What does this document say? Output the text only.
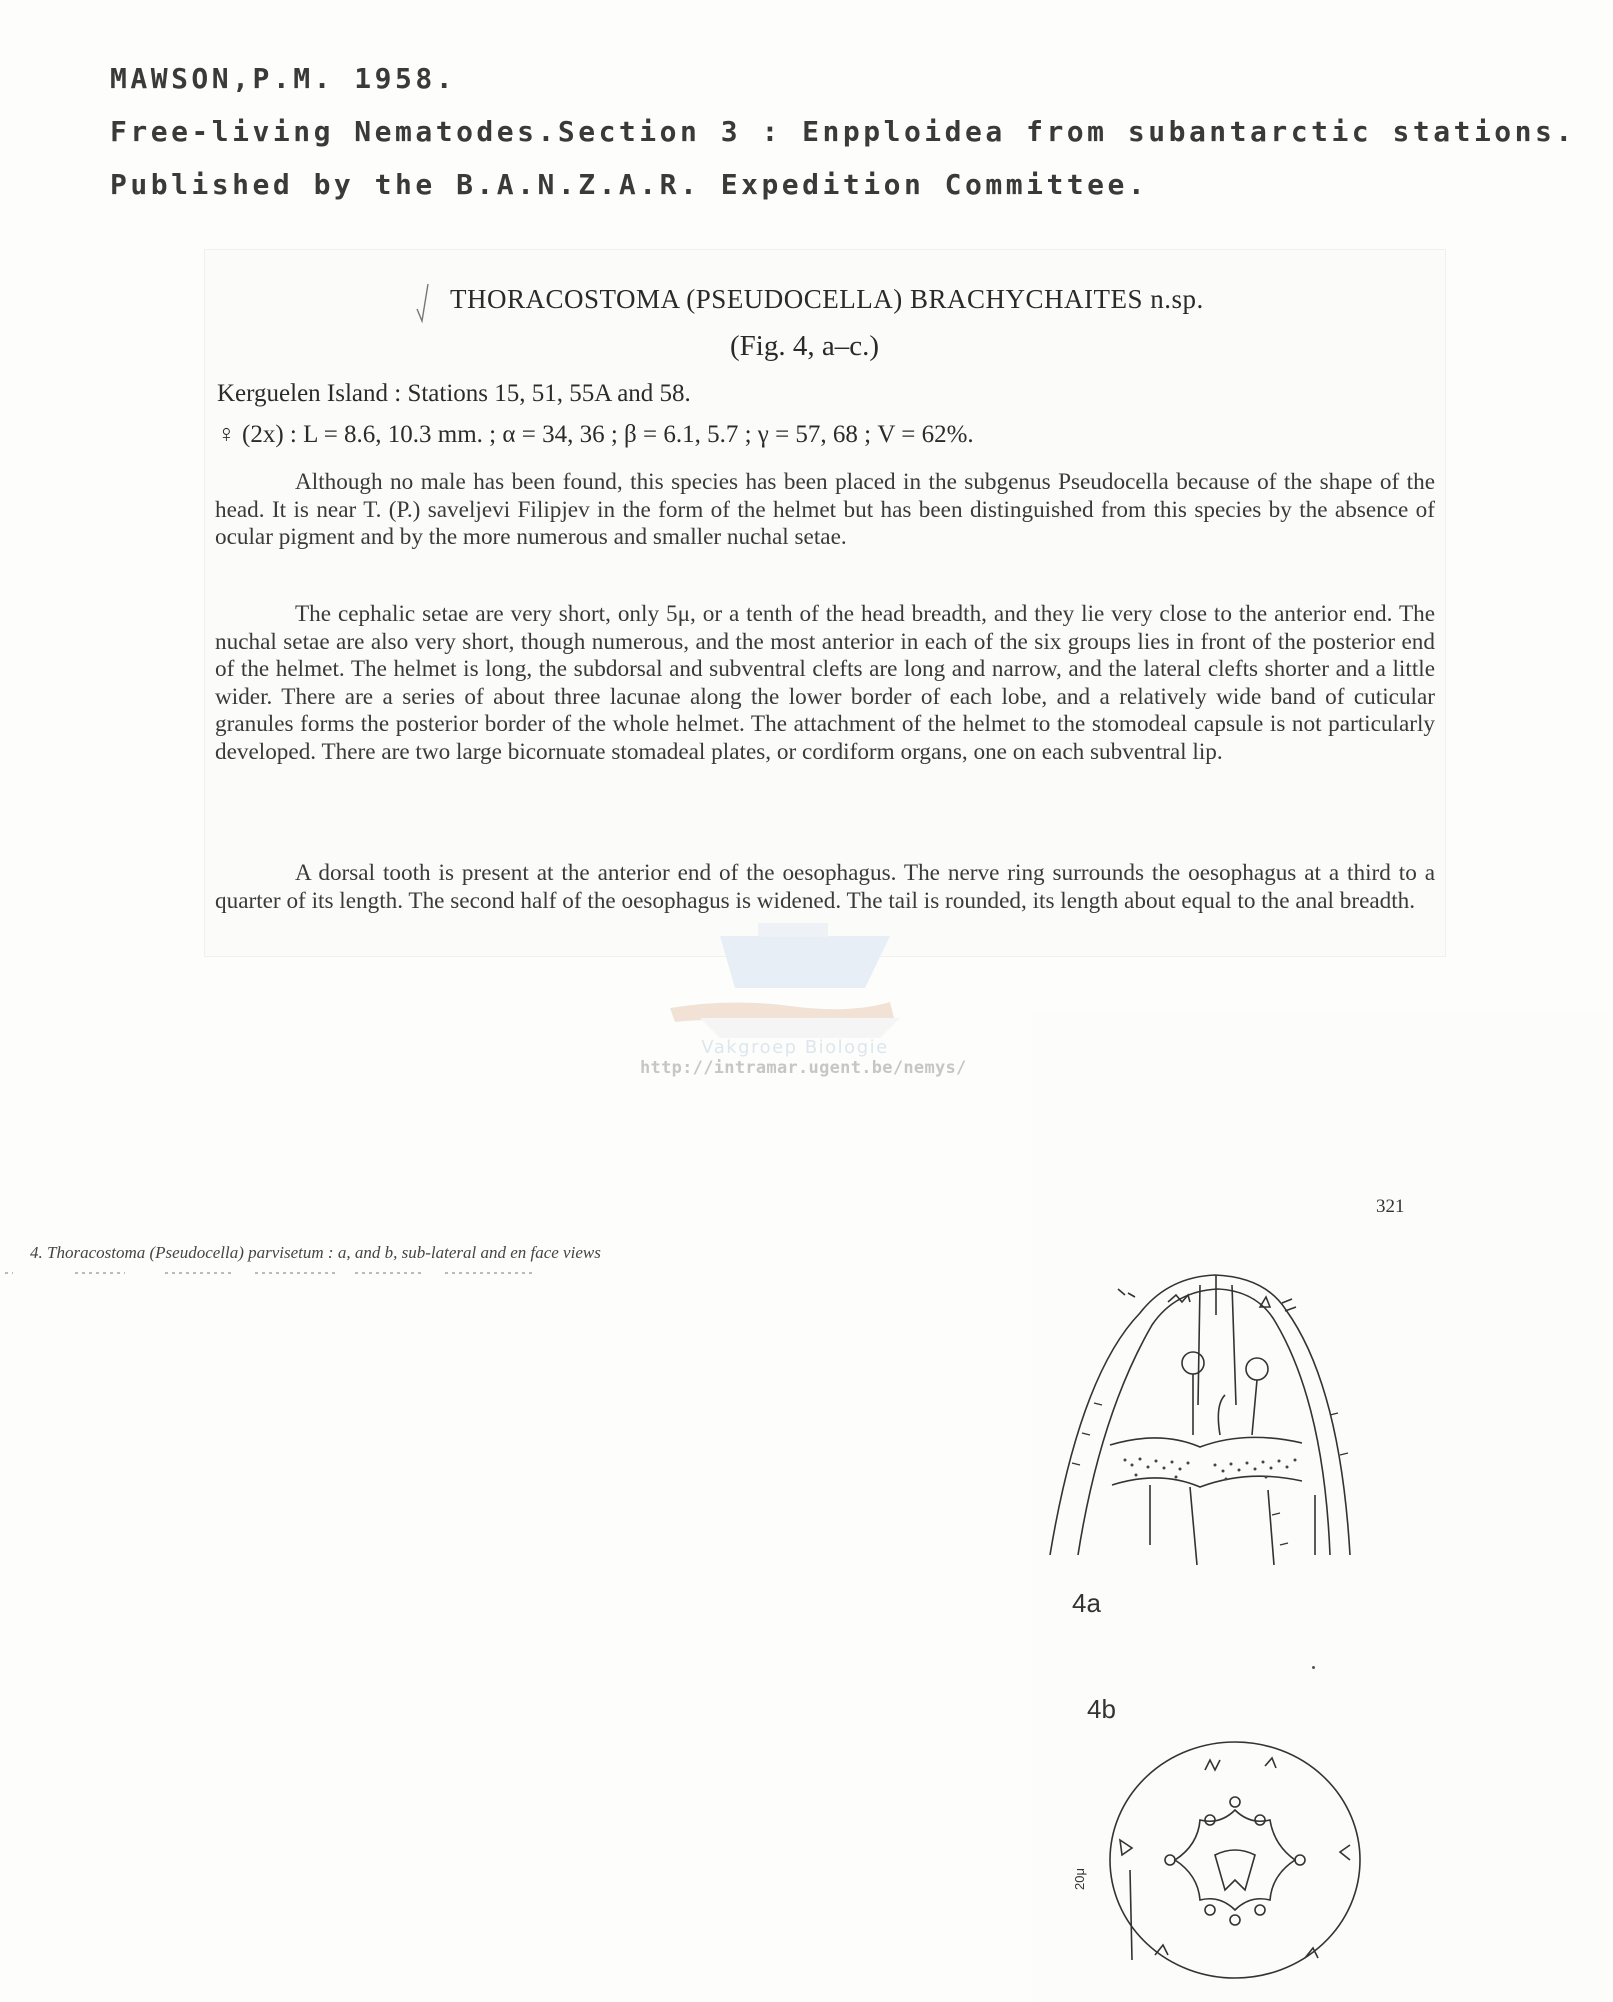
MAWSON,P.M. 1958.
Free-living Nematodes.Section 3 : Enpploidea from subantarctic stations.
Published by the B.A.N.Z.A.R. Expedition Committee.
THORACOSTOMA (PSEUDOCELLA) BRACHYCHAITES n.sp.
(Fig. 4, a–c.)
Kerguelen Island : Stations 15, 51, 55A and 58.
♀ (2x) : L = 8.6, 10.3 mm. ; α = 34, 36 ; β = 6.1, 5.7 ; γ = 57, 68 ; V = 62%.
Although no male has been found, this species has been placed in the subgenus Pseudocella because of the shape of the head. It is near T. (P.) saveljevi Filipjev in the form of the helmet but has been distinguished from this species by the absence of ocular pigment and by the more numerous and smaller nuchal setae.
The cephalic setae are very short, only 5μ, or a tenth of the head breadth, and they lie very close to the anterior end. The nuchal setae are also very short, though numerous, and the most anterior in each of the six groups lies in front of the posterior end of the helmet. The helmet is long, the subdorsal and subventral clefts are long and narrow, and the lateral clefts shorter and a little wider. There are a series of about three lacunae along the lower border of each lobe, and a relatively wide band of cuticular granules forms the posterior border of the whole helmet. The attachment of the helmet to the stomodeal capsule is not particularly developed. There are two large bicornuate stomadeal plates, or cordiform organs, one on each subventral lip.
A dorsal tooth is present at the anterior end of the oesophagus. The nerve ring surrounds the oesophagus at a third to a quarter of its length. The second half of the oesophagus is widened. The tail is rounded, its length about equal to the anal breadth.
Vakgroep Biologie
http://intramar.ugent.be/nemys/
321
4. Thoracostoma (Pseudocella) parvisetum : a, and b, sub-lateral and en face views
4a
4b
20μ
